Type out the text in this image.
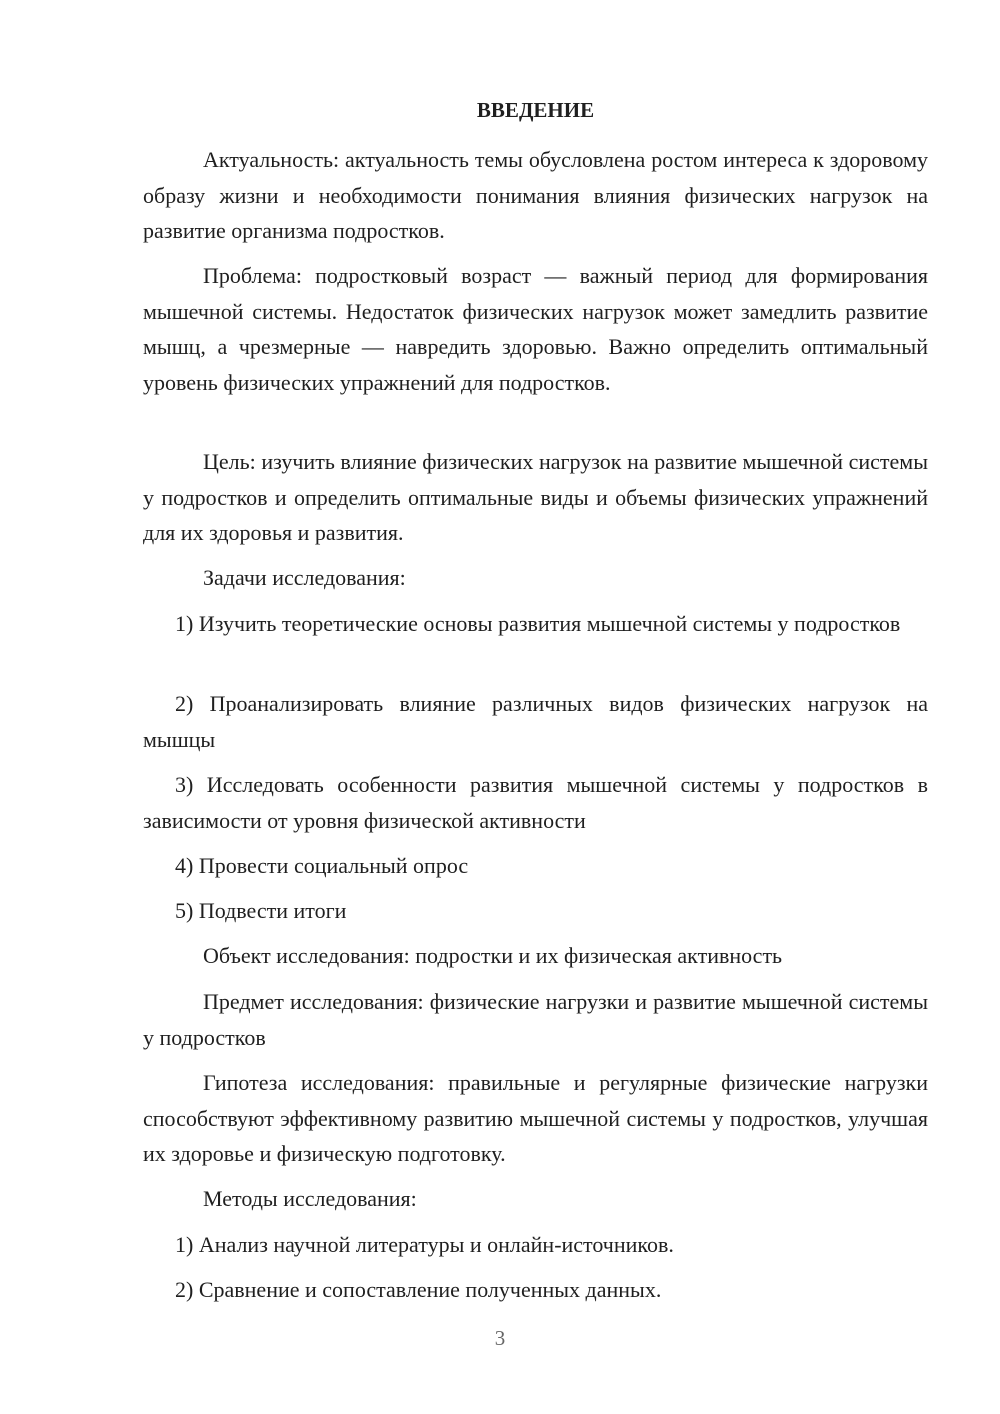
ВВЕДЕНИЕ

Актуальность: актуальность темы обусловлена ростом интереса к здоровому образу жизни и необходимости понимания влияния физических нагрузок на развитие организма подростков.

Проблема: подростковый возраст — важный период для формирования мышечной системы. Недостаток физических нагрузок может замедлить развитие мышц, а чрезмерные — навредить здоровью. Важно определить оптимальный уровень физических упражнений для подростков.

Цель: изучить влияние физических нагрузок на развитие мышечной системы у подростков и определить оптимальные виды и объемы физических упражнений для их здоровья и развития.

Задачи исследования:

1) Изучить теоретические основы развития мышечной системы у подростков

2) Проанализировать влияние различных видов физических нагрузок на мышцы

3) Исследовать особенности развития мышечной системы у подростков в зависимости от уровня физической активности

4) Провести социальный опрос

5) Подвести итоги

Объект исследования: подростки и их физическая активность

Предмет исследования: физические нагрузки и развитие мышечной системы у подростков

Гипотеза исследования: правильные и регулярные физические нагрузки способствуют эффективному развитию мышечной системы у подростков, улучшая их здоровье и физическую подготовку.

Методы исследования:

1) Анализ научной литературы и онлайн-источников.

2) Сравнение и сопоставление полученных данных.

3
